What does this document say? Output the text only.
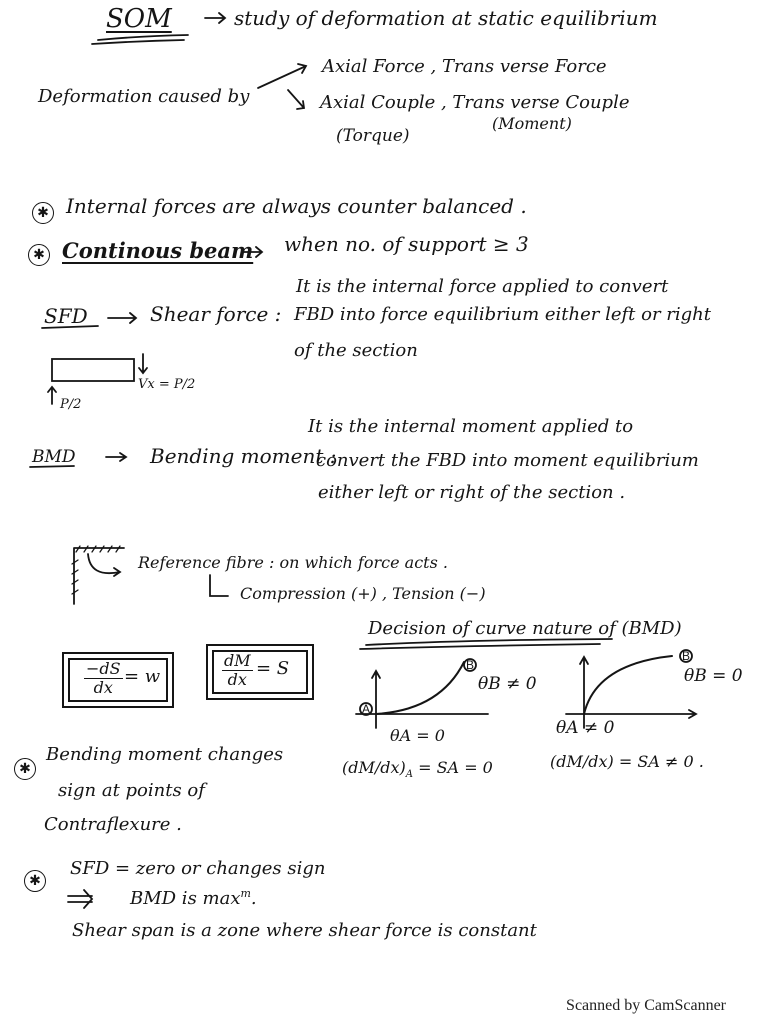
SOM	study of deformation at static equilibrium
Deformation caused by
Axial Force , Trans verse Force
Axial Couple , Trans verse Couple
(Torque)
(Moment)
✱ Internal forces are always counter balanced .
✱ Continous beam when no. of support ≥ 3
SFD	Shear force :
It is the internal force applied to convert
FBD into force equilibrium either left or right
of the section
P/2
Vx = P/2
BMD	Bending moment :
It is the internal moment applied to
convert the FBD into moment equilibrium
either left or right of the section .
Reference fibre : on which force acts .
Compression (+) , Tension (−)
$\frac{-dS}{dx} = w$	$\frac{dM}{dx} = S$
Decision of curve nature of (BMD)
B
A
θB ≠ 0
θA = 0
$(dM/dx)_A$ = SA = 0
B
θB = 0
θA ≠ 0
(dM/dx) = SA ≠ 0 .
✱
Bending moment changes
sign at points of
Contraflexure .
✱
SFD = zero or changes sign
BMD is $\max^m$.
Shear span is a zone where shear force is constant
Scanned by CamScanner
